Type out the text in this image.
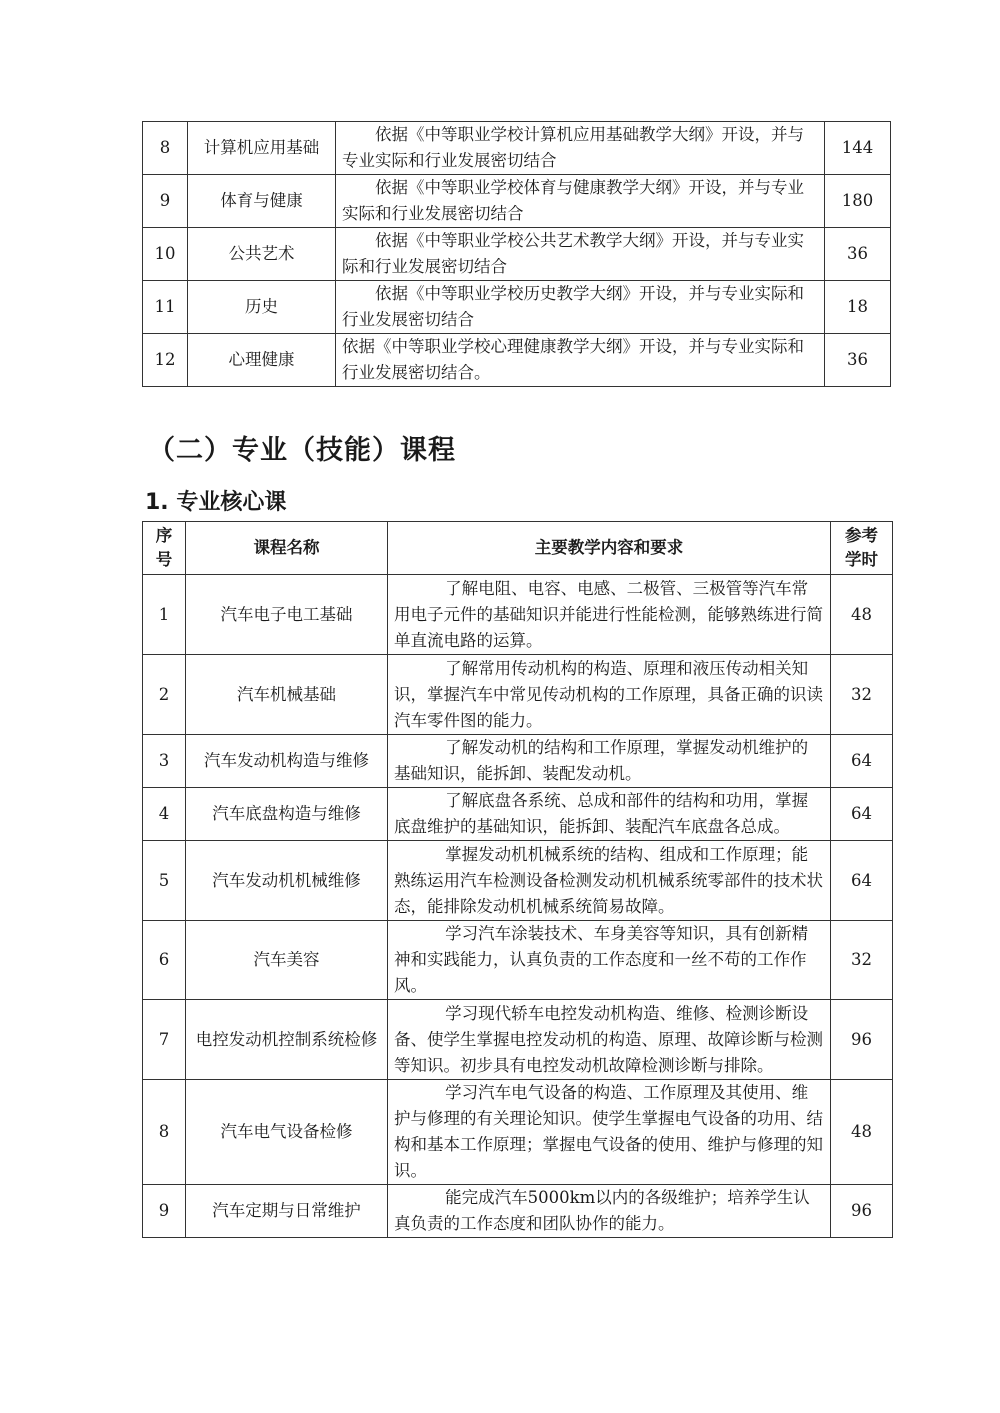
8	计算机应用基础	依据《中等职业学校计算机应用基础教学大纲》开设，并与专业实际和行业发展密切结合	144
9	体育与健康	依据《中等职业学校体育与健康教学大纲》开设，并与专业实际和行业发展密切结合	180
10	公共艺术	依据《中等职业学校公共艺术教学大纲》开设，并与专业实际和行业发展密切结合	36
11	历史	依据《中等职业学校历史教学大纲》开设，并与专业实际和行业发展密切结合	18
12	心理健康	依据《中等职业学校心理健康教学大纲》开设，并与专业实际和行业发展密切结合。	36
（二）专业（技能）课程
1. 专业核心课
序号	课程名称	主要教学内容和要求	参考学时
1	汽车电子电工基础	了解电阻、电容、电感、二极管、三极管等汽车常用电子元件的基础知识并能进行性能检测，能够熟练进行简单直流电路的运算。	48
2	汽车机械基础	了解常用传动机构的构造、原理和液压传动相关知识，掌握汽车中常见传动机构的工作原理，具备正确的识读汽车零件图的能力。	32
3	汽车发动机构造与维修	了解发动机的结构和工作原理，掌握发动机维护的基础知识，能拆卸、装配发动机。	64
4	汽车底盘构造与维修	了解底盘各系统、总成和部件的结构和功用，掌握底盘维护的基础知识，能拆卸、装配汽车底盘各总成。	64
5	汽车发动机机械维修	掌握发动机机械系统的结构、组成和工作原理；能熟练运用汽车检测设备检测发动机机械系统零部件的技术状态，能排除发动机机械系统简易故障。	64
6	汽车美容	学习汽车涂装技术、车身美容等知识，具有创新精神和实践能力，认真负责的工作态度和一丝不苟的工作作风。	32
7	电控发动机控制系统检修	学习现代轿车电控发动机构造、维修、检测诊断设备、使学生掌握电控发动机的构造、原理、故障诊断与检测等知识。初步具有电控发动机故障检测诊断与排除。	96
8	汽车电气设备检修	学习汽车电气设备的构造、工作原理及其使用、维护与修理的有关理论知识。使学生掌握电气设备的功用、结构和基本工作原理；掌握电气设备的使用、维护与修理的知识。	48
9	汽车定期与日常维护	能完成汽车5000km以内的各级维护；培养学生认真负责的工作态度和团队协作的能力。	96
